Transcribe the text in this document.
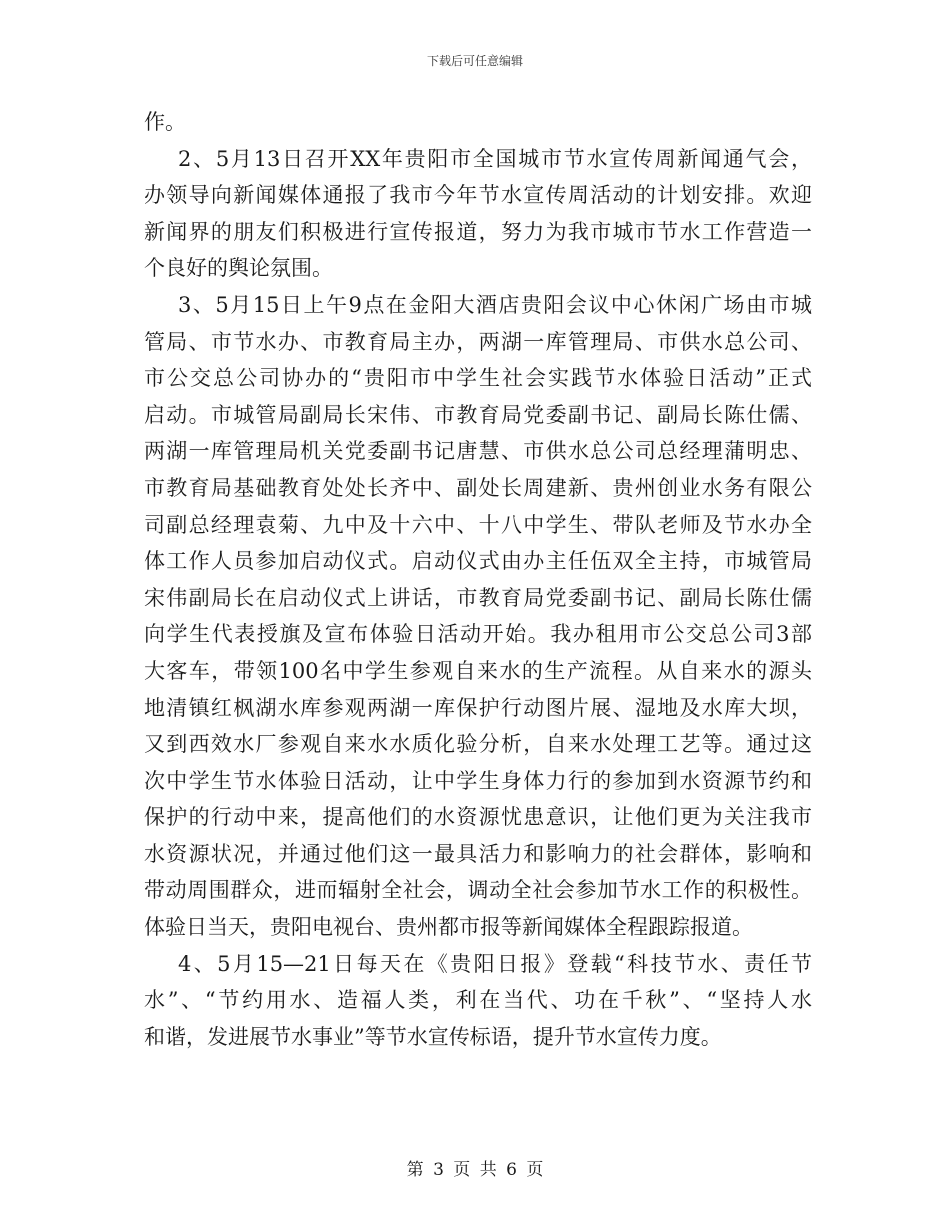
下载后可任意编辑
作。
2、5月13日召开XX年贵阳市全国城市节水宣传周新闻通气会，
办领导向新闻媒体通报了我市今年节水宣传周活动的计划安排。欢迎
新闻界的朋友们积极进行宣传报道，努力为我市城市节水工作营造一
个良好的舆论氛围。
3、5月15日上午9点在金阳大酒店贵阳会议中心休闲广场由市城
管局、市节水办、市教育局主办，两湖一库管理局、市供水总公司、
市公交总公司协办的“贵阳市中学生社会实践节水体验日活动”正式
启动。市城管局副局长宋伟、市教育局党委副书记、副局长陈仕儒、
两湖一库管理局机关党委副书记唐慧、市供水总公司总经理蒲明忠、
市教育局基础教育处处长齐中、副处长周建新、贵州创业水务有限公
司副总经理袁菊、九中及十六中、十八中学生、带队老师及节水办全
体工作人员参加启动仪式。启动仪式由办主任伍双全主持，市城管局
宋伟副局长在启动仪式上讲话，市教育局党委副书记、副局长陈仕儒
向学生代表授旗及宣布体验日活动开始。我办租用市公交总公司3部
大客车，带领100名中学生参观自来水的生产流程。从自来水的源头
地清镇红枫湖水库参观两湖一库保护行动图片展、湿地及水库大坝，
又到西效水厂参观自来水水质化验分析，自来水处理工艺等。通过这
次中学生节水体验日活动，让中学生身体力行的参加到水资源节约和
保护的行动中来，提高他们的水资源忧患意识，让他们更为关注我市
水资源状况，并通过他们这一最具活力和影响力的社会群体，影响和
带动周围群众，进而辐射全社会，调动全社会参加节水工作的积极性。
体验日当天，贵阳电视台、贵州都市报等新闻媒体全程跟踪报道。
4、5月15—21日每天在《贵阳日报》登载“科技节水、责任节
水”、“节约用水、造福人类，利在当代、功在千秋”、“坚持人水
和谐，发进展节水事业”等节水宣传标语，提升节水宣传力度。
第 3 页 共 6 页
